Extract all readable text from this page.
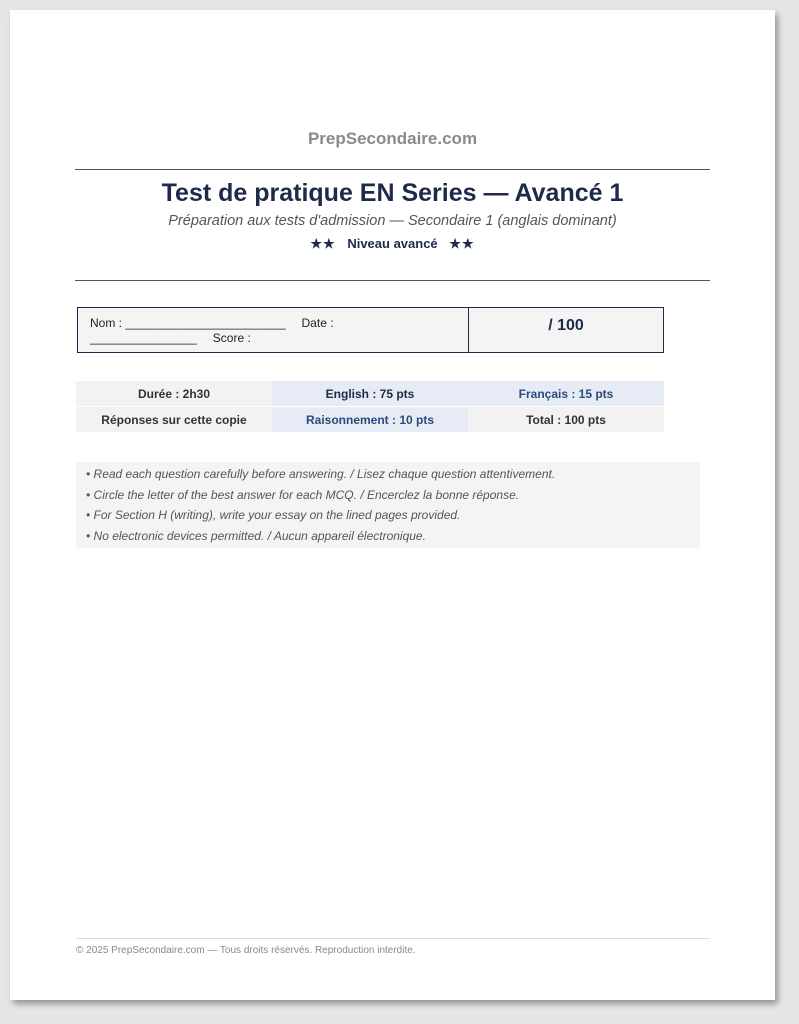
PrepSecondaire.com
Test de pratique EN Series — Avancé 1
Préparation aux tests d'admission — Secondaire 1 (anglais dominant)
★★ Niveau avancé ★★
Nom : ________________________ Date :
________________ Score :
/ 100
Durée : 2h30	English : 75 pts	Français : 15 pts
Réponses sur cette copie	Raisonnement : 10 pts	Total : 100 pts
• Read each question carefully before answering. / Lisez chaque question attentivement.
• Circle the letter of the best answer for each MCQ. / Encerclez la bonne réponse.
• For Section H (writing), write your essay on the lined pages provided.
• No electronic devices permitted. / Aucun appareil électronique.
© 2025 PrepSecondaire.com — Tous droits réservés. Reproduction interdite.
